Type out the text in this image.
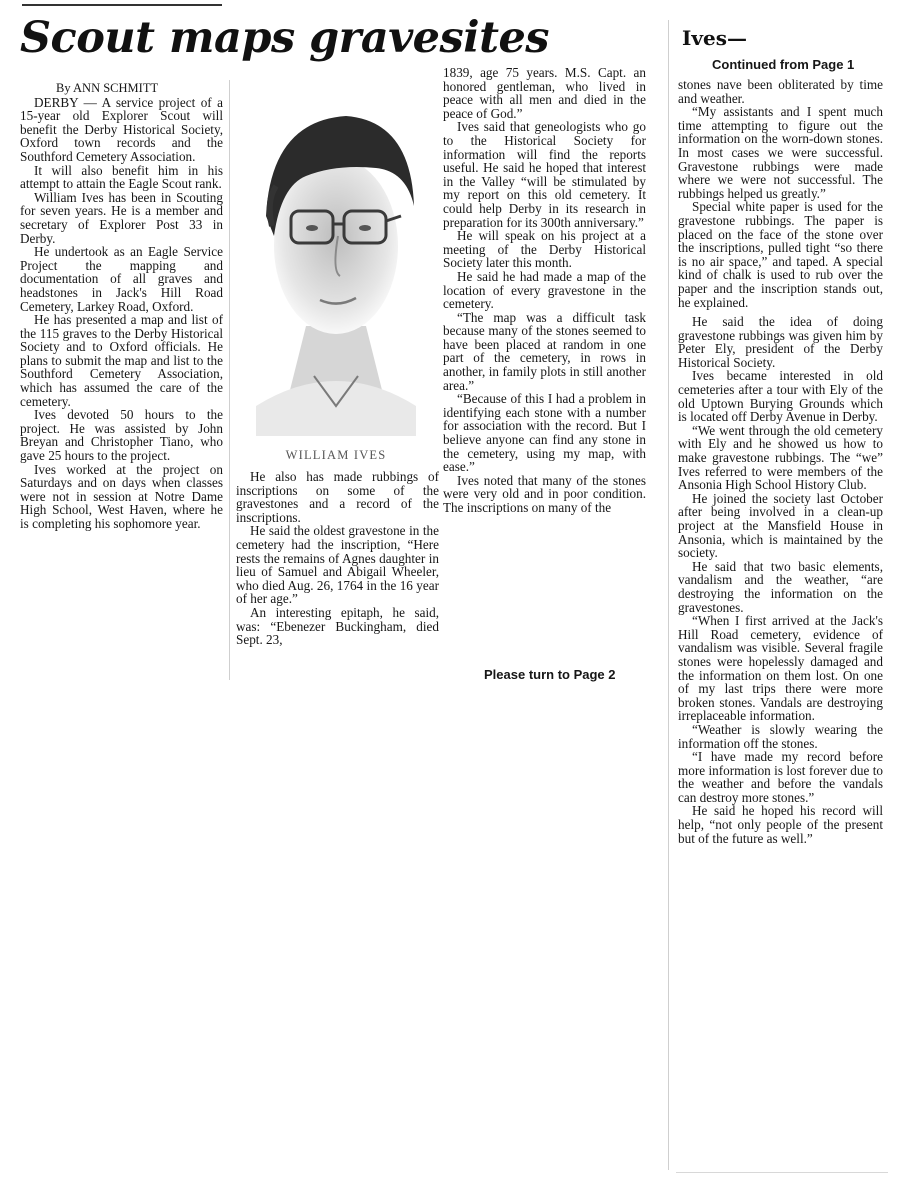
Scout maps gravesites

By ANN SCHMITT

DERBY — A service project of a 15-year old Explorer Scout will benefit the Derby Historical Society, Oxford town records and the Southford Cemetery Association.

It will also benefit him in his attempt to attain the Eagle Scout rank.

William Ives has been in Scouting for seven years. He is a member and secretary of Explorer Post 33 in Derby.

He undertook as an Eagle Service Project the mapping and documentation of all graves and headstones in Jack's Hill Road Cemetery, Larkey Road, Oxford.

He has presented a map and list of the 115 graves to the Derby Historical Society and to Oxford officials. He plans to submit the map and list to the Southford Cemetery Association, which has assumed the care of the cemetery.

Ives devoted 50 hours to the project. He was assisted by John Breyan and Christopher Tiano, who gave 25 hours to the project.

Ives worked at the project on Saturdays and on days when classes were not in session at Notre Dame High School, West Haven, where he is completing his sophomore year.

WILLIAM IVES

He also has made rubbings of inscriptions on some of the gravestones and a record of the inscriptions.

He said the oldest gravestone in the cemetery had the inscription, “Here rests the remains of Agnes daughter in lieu of Samuel and Abigail Wheeler, who died Aug. 26, 1764 in the 16 year of her age.”

An interesting epitaph, he said, was: “Ebenezer Buckingham, died Sept. 23,

1839, age 75 years. M.S. Capt. an honored gentleman, who lived in peace with all men and died in the peace of God.”

Ives said that geneologists who go to the Historical Society for information will find the reports useful. He said he hoped that interest in the Valley “will be stimulated by my report on this old cemetery. It could help Derby in its research in preparation for its 300th anniversary.”

He will speak on his project at a meeting of the Derby Historical Society later this month.

He said he had made a map of the location of every gravestone in the cemetery.

“The map was a difficult task because many of the stones seemed to have been placed at random in one part of the cemetery, in rows in another, in family plots in still another area.”

“Because of this I had a problem in identifying each stone with a number for association with the record. But I believe anyone can find any stone in the cemetery, using my map, with ease.”

Ives noted that many of the stones were very old and in poor condition. The inscriptions on many of the

Please turn to Page 2
Ives—
Continued from Page 1

stones nave been obliterated by time and weather.

“My assistants and I spent much time attempting to figure out the information on the worn-down stones. In most cases we were successful. Gravestone rubbings were made where we were not successful. The rubbings helped us greatly.”

Special white paper is used for the gravestone rubbings. The paper is placed on the face of the stone over the inscriptions, pulled tight “so there is no air space,” and taped. A special kind of chalk is used to rub over the paper and the inscription stands out, he explained.

He said the idea of doing gravestone rubbings was given him by Peter Ely, president of the Derby Historical Society.

Ives became interested in old cemeteries after a tour with Ely of the old Uptown Burying Grounds which is located off Derby Avenue in Derby.

“We went through the old cemetery with Ely and he showed us how to make gravestone rubbings. The “we” Ives referred to were members of the Ansonia High School History Club.

He joined the society last October after being involved in a clean-up project at the Mansfield House in Ansonia, which is maintained by the society.

He said that two basic elements, vandalism and the weather, “are destroying the information on the gravestones.

“When I first arrived at the Jack's Hill Road cemetery, evidence of vandalism was visible. Several fragile stones were hopelessly damaged and the information on them lost. On one of my last trips there were more broken stones. Vandals are destroying irreplaceable information.

“Weather is slowly wearing the information off the stones.

“I have made my record before more information is lost forever due to the weather and before the vandals can destroy more stones.”

He said he hoped his record will help, “not only people of the present but of the future as well.”
